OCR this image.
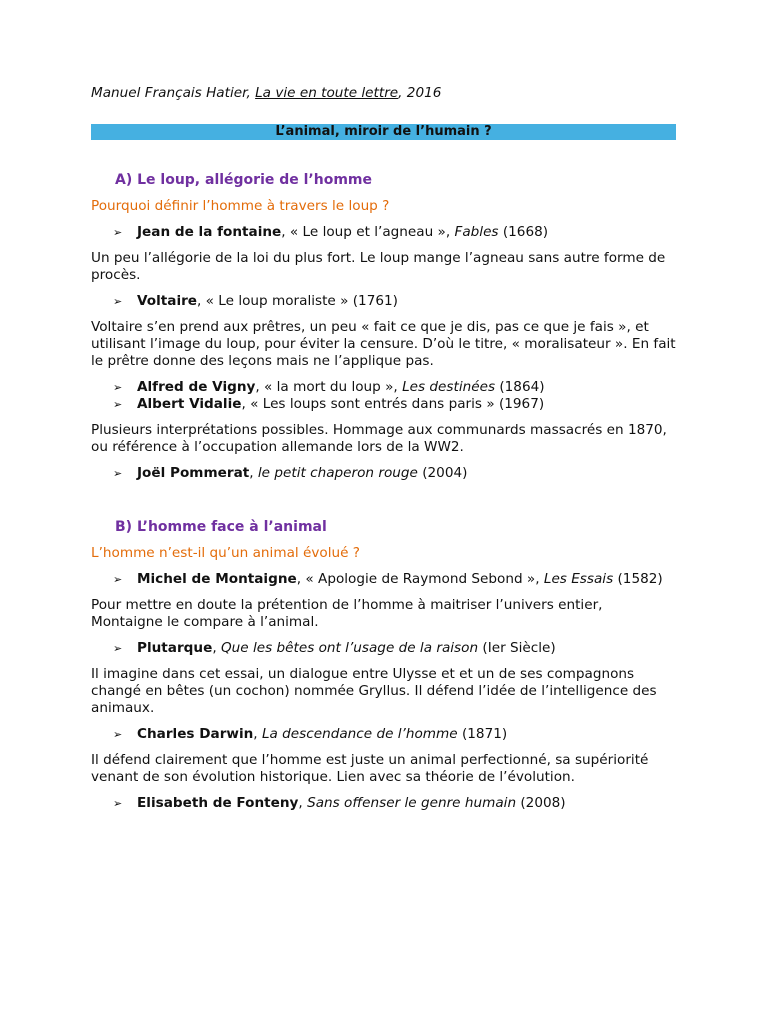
Manuel Français Hatier, La vie en toute lettre, 2016

L’animal, miroir de l’humain ?

A) Le loup, allégorie de l’homme

Pourquoi définir l’homme à travers le loup ?

➢	Jean de la fontaine, « Le loup et l’agneau », Fables (1668)

Un peu l’allégorie de la loi du plus fort. Le loup mange l’agneau sans autre forme de procès.

➢	Voltaire, « Le loup moraliste » (1761)

Voltaire s’en prend aux prêtres, un peu « fait ce que je dis, pas ce que je fais », et utilisant l’image du loup, pour éviter la censure. D’où le titre, « moralisateur ». En fait le prêtre donne des leçons mais ne l’applique pas.

➢	Alfred de Vigny, « la mort du loup », Les destinées (1864)

➢	Albert Vidalie, « Les loups sont entrés dans paris » (1967)

Plusieurs interprétations possibles. Hommage aux communards massacrés en 1870, ou référence à l’occupation allemande lors de la WW2.

➢	Joël Pommerat, le petit chaperon rouge (2004)

B) L’homme face à l’animal

L’homme n’est-il qu’un animal évolué ?

➢	Michel de Montaigne, « Apologie de Raymond Sebond », Les Essais (1582)

Pour mettre en doute la prétention de l’homme à maitriser l’univers entier, Montaigne le compare à l’animal.

➢	Plutarque, Que les bêtes ont l’usage de la raison (Ier Siècle)

Il imagine dans cet essai, un dialogue entre Ulysse et et un de ses compagnons changé en bêtes (un cochon) nommée Gryllus. Il défend l’idée de l’intelligence des animaux.

➢	Charles Darwin, La descendance de l’homme (1871)

Il défend clairement que l’homme est juste un animal perfectionné, sa supériorité venant de son évolution historique. Lien avec sa théorie de l’évolution.

➢	Elisabeth de Fonteny, Sans offenser le genre humain (2008)
